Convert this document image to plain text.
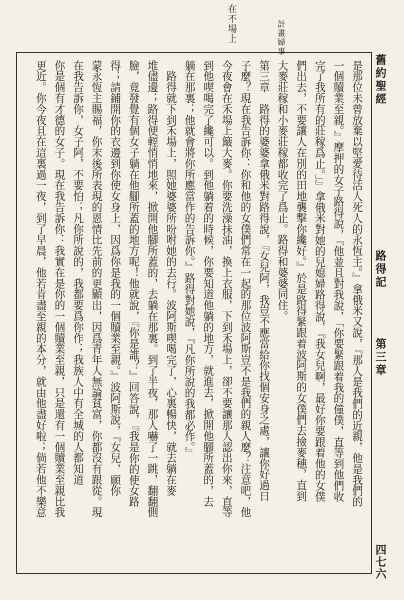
計畫婦事
在不場上
舊約聖經
路得記
第三章
四七六
是那位未曾放棄以堅愛待活人死人的永恆主。』拿俄米又說，『那人是我們的近親，他是我們的
一個贖業至親。』摩押的女子路得說，『他並且對我說，「你要緊跟着我的僮僕，直等到他們收
完了我所有的莊稼爲止。」』拿俄米對她的兒媳婦路得說，『我女兒啊，最好你要跟着他的女僕
們出去，不要讓人在別的田地襲擊你纔好。』於是路得緊跟着波阿斯的女僕們去撿麥穗，直到
大麥莊稼和小麥莊稼都收完了爲止。路得和婆婆同住。
第三章　路得的婆婆拿俄米對路得說，『女兒阿，我豈不應當給你找個安身之處，讓你好過日
子麼？現在我告訴你：你和他的女僕們常在一起的那位波阿斯豈不是我們的親人麼？注意吧，他
今夜會在禾場上簸大麥。你要洗澡抹油，換上衣服，下到禾場上，卻不要讓那人認出你來，直等
到他喫喝完了纔可以。到他躺着的時候，你要知道他躺的地方，就進去，掀開他腳所蓋的，去
躺在那裏；他就會將你所應當作的告訴你。』路得對她說，『凡你所說的我都必作。』
　路得就下到禾場上，照她婆婆所吩咐她的去行。波阿斯喫喝完了，心裏暢快，就去躺在麥
堆儘邊；路得便輕悄悄地來，掀開他腳所蓋的，去躺在那裏。到了半夜，那人嚇了一跳，翻翻側
臉，竟發覺有個女子躺在他腳所蓋的地方呢！他就說，『你是誰？』回答說，『我是你的使女路
得；請鋪開你的衣邊到你使女身上，因爲你是我的一個贖業至親。』波阿斯說，『女兒，願你
蒙永恆主賜福，你末後所表現的恩情比先前的更顯出，因爲青年人無論貧富，你都沒有跟從。現
在我告訴你，女子阿，不要怕；凡你所說的，我都要爲你作；我族人中有全城的人都知道
你是個有才德的女子。現在我告訴你：我實在是你的一個贖業至親，只是還有一個贖業至親比我
更近。你今夜且在這裏過一夜，到了早晨，他若肯盡至親的本分，就由他盡好啦；倘若他不樂意
